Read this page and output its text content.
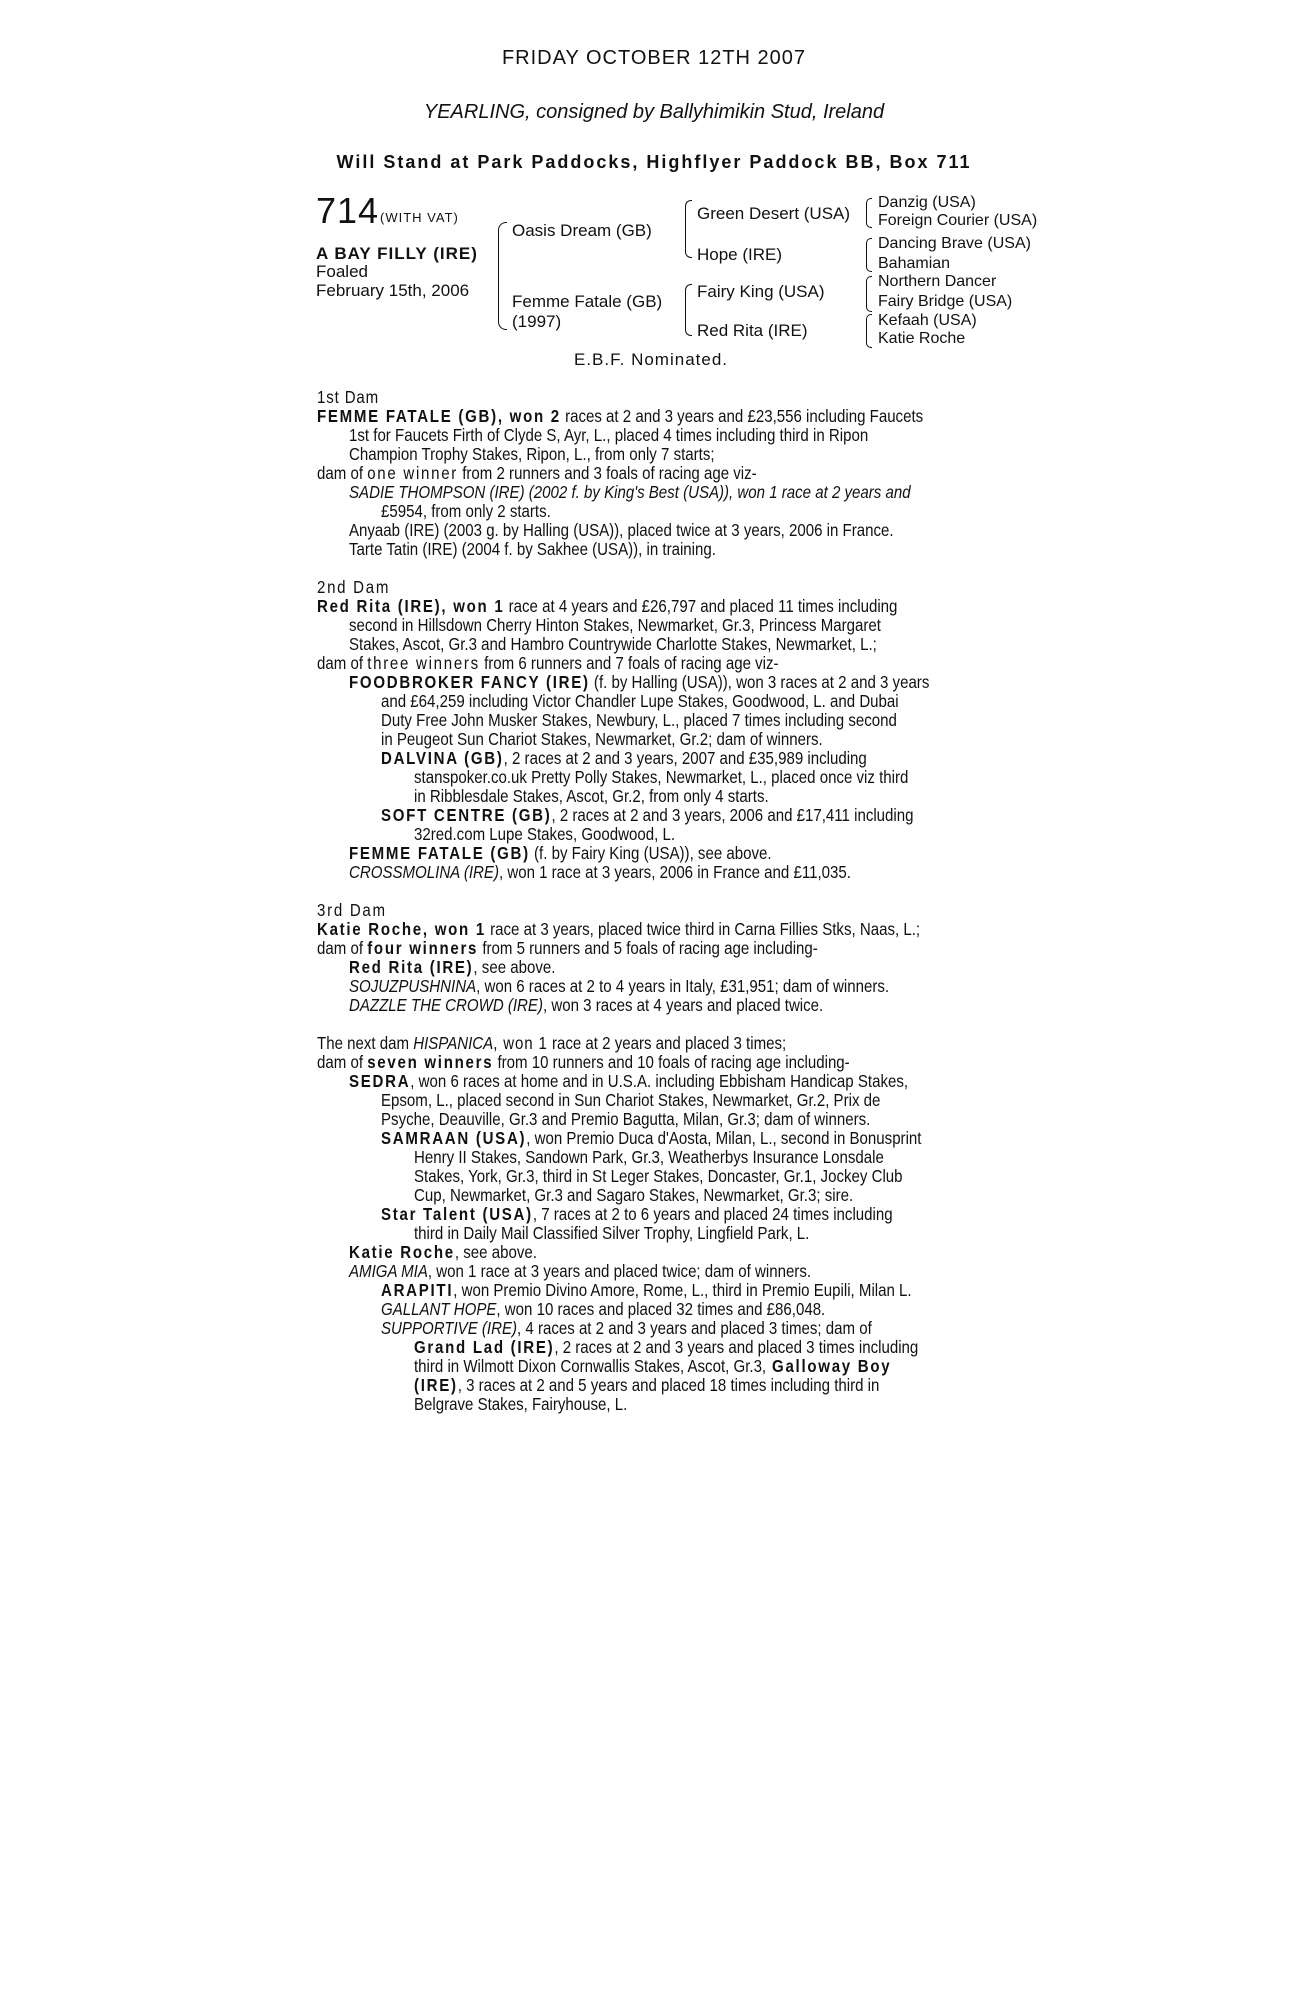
FRIDAY OCTOBER 12TH 2007
YEARLING, consigned by Ballyhimikin Stud, Ireland
Will Stand at Park Paddocks, Highflyer Paddock BB, Box 711
714 (WITH VAT)
A BAY FILLY (IRE)
Foaled
February 15th, 2006
Oasis Dream (GB)
Femme Fatale (GB)
(1997)
Green Desert (USA)
Hope (IRE)
Fairy King (USA)
Red Rita (IRE)
Danzig (USA)
Foreign Courier (USA)
Dancing Brave (USA)
Bahamian
Northern Dancer
Fairy Bridge (USA)
Kefaah (USA)
Katie Roche
E.B.F. Nominated.
1st Dam
FEMME FATALE (GB), won 2 races at 2 and 3 years and £23,556 including Faucets
1st for Faucets Firth of Clyde S, Ayr, L., placed 4 times including third in Ripon
Champion Trophy Stakes, Ripon, L., from only 7 starts;
dam of one winner from 2 runners and 3 foals of racing age viz-
SADIE THOMPSON (IRE) (2002 f. by King's Best (USA)), won 1 race at 2 years and
£5954, from only 2 starts.
Anyaab (IRE) (2003 g. by Halling (USA)), placed twice at 3 years, 2006 in France.
Tarte Tatin (IRE) (2004 f. by Sakhee (USA)), in training.
2nd Dam
Red Rita (IRE), won 1 race at 4 years and £26,797 and placed 11 times including
second in Hillsdown Cherry Hinton Stakes, Newmarket, Gr.3, Princess Margaret
Stakes, Ascot, Gr.3 and Hambro Countrywide Charlotte Stakes, Newmarket, L.;
dam of three winners from 6 runners and 7 foals of racing age viz-
FOODBROKER FANCY (IRE) (f. by Halling (USA)), won 3 races at 2 and 3 years
and £64,259 including Victor Chandler Lupe Stakes, Goodwood, L. and Dubai
Duty Free John Musker Stakes, Newbury, L., placed 7 times including second
in Peugeot Sun Chariot Stakes, Newmarket, Gr.2; dam of winners.
DALVINA (GB), 2 races at 2 and 3 years, 2007 and £35,989 including
stanspoker.co.uk Pretty Polly Stakes, Newmarket, L., placed once viz third
in Ribblesdale Stakes, Ascot, Gr.2, from only 4 starts.
SOFT CENTRE (GB), 2 races at 2 and 3 years, 2006 and £17,411 including
32red.com Lupe Stakes, Goodwood, L.
FEMME FATALE (GB) (f. by Fairy King (USA)), see above.
CROSSMOLINA (IRE), won 1 race at 3 years, 2006 in France and £11,035.
3rd Dam
Katie Roche, won 1 race at 3 years, placed twice third in Carna Fillies Stks, Naas, L.;
dam of four winners from 5 runners and 5 foals of racing age including-
Red Rita (IRE), see above.
SOJUZPUSHNINA, won 6 races at 2 to 4 years in Italy, £31,951; dam of winners.
DAZZLE THE CROWD (IRE), won 3 races at 4 years and placed twice.
The next dam HISPANICA, won 1 race at 2 years and placed 3 times;
dam of seven winners from 10 runners and 10 foals of racing age including-
SEDRA, won 6 races at home and in U.S.A. including Ebbisham Handicap Stakes,
Epsom, L., placed second in Sun Chariot Stakes, Newmarket, Gr.2, Prix de
Psyche, Deauville, Gr.3 and Premio Bagutta, Milan, Gr.3; dam of winners.
SAMRAAN (USA), won Premio Duca d'Aosta, Milan, L., second in Bonusprint
Henry II Stakes, Sandown Park, Gr.3, Weatherbys Insurance Lonsdale
Stakes, York, Gr.3, third in St Leger Stakes, Doncaster, Gr.1, Jockey Club
Cup, Newmarket, Gr.3 and Sagaro Stakes, Newmarket, Gr.3; sire.
Star Talent (USA), 7 races at 2 to 6 years and placed 24 times including
third in Daily Mail Classified Silver Trophy, Lingfield Park, L.
Katie Roche, see above.
AMIGA MIA, won 1 race at 3 years and placed twice; dam of winners.
ARAPITI, won Premio Divino Amore, Rome, L., third in Premio Eupili, Milan L.
GALLANT HOPE, won 10 races and placed 32 times and £86,048.
SUPPORTIVE (IRE), 4 races at 2 and 3 years and placed 3 times; dam of
Grand Lad (IRE), 2 races at 2 and 3 years and placed 3 times including
third in Wilmott Dixon Cornwallis Stakes, Ascot, Gr.3, Galloway Boy
(IRE), 3 races at 2 and 5 years and placed 18 times including third in
Belgrave Stakes, Fairyhouse, L.
